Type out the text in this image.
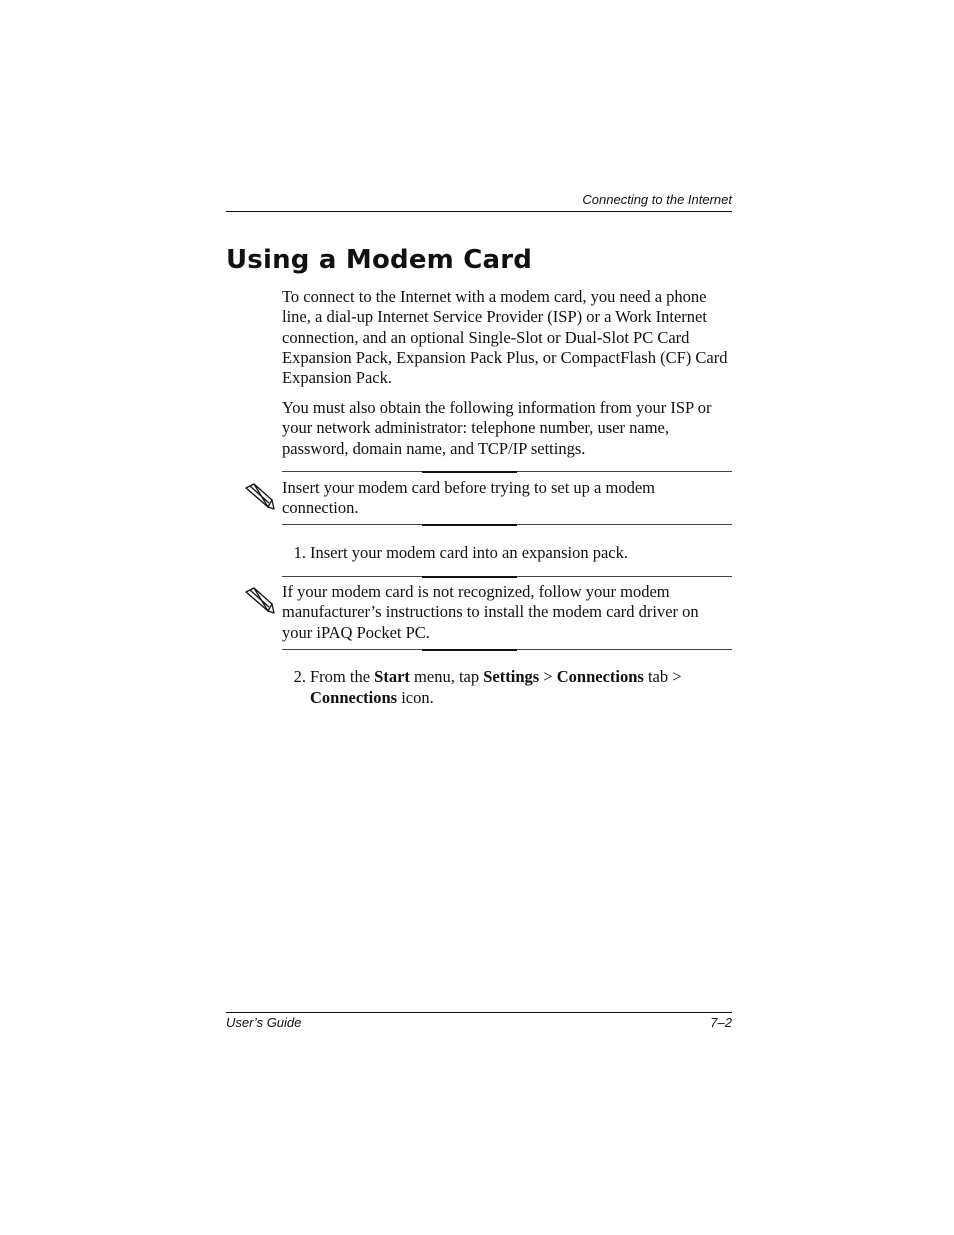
Connecting to the Internet
Using a Modem Card

To connect to the Internet with a modem card, you need a phone line, a dial-up Internet Service Provider (ISP) or a Work Internet connection, and an optional Single-Slot or Dual-Slot PC Card Expansion Pack, Expansion Pack Plus, or CompactFlash (CF) Card Expansion Pack.

You must also obtain the following information from your ISP or your network administrator: telephone number, user name, password, domain name, and TCP/IP settings.

Insert your modem card before trying to set up a modem connection.

1. Insert your modem card into an expansion pack.

If your modem card is not recognized, follow your modem manufacturer’s instructions to install the modem card driver on your iPAQ Pocket PC.

2. From the Start menu, tap Settings > Connections tab >
Connections icon.
User’s Guide	7–2
